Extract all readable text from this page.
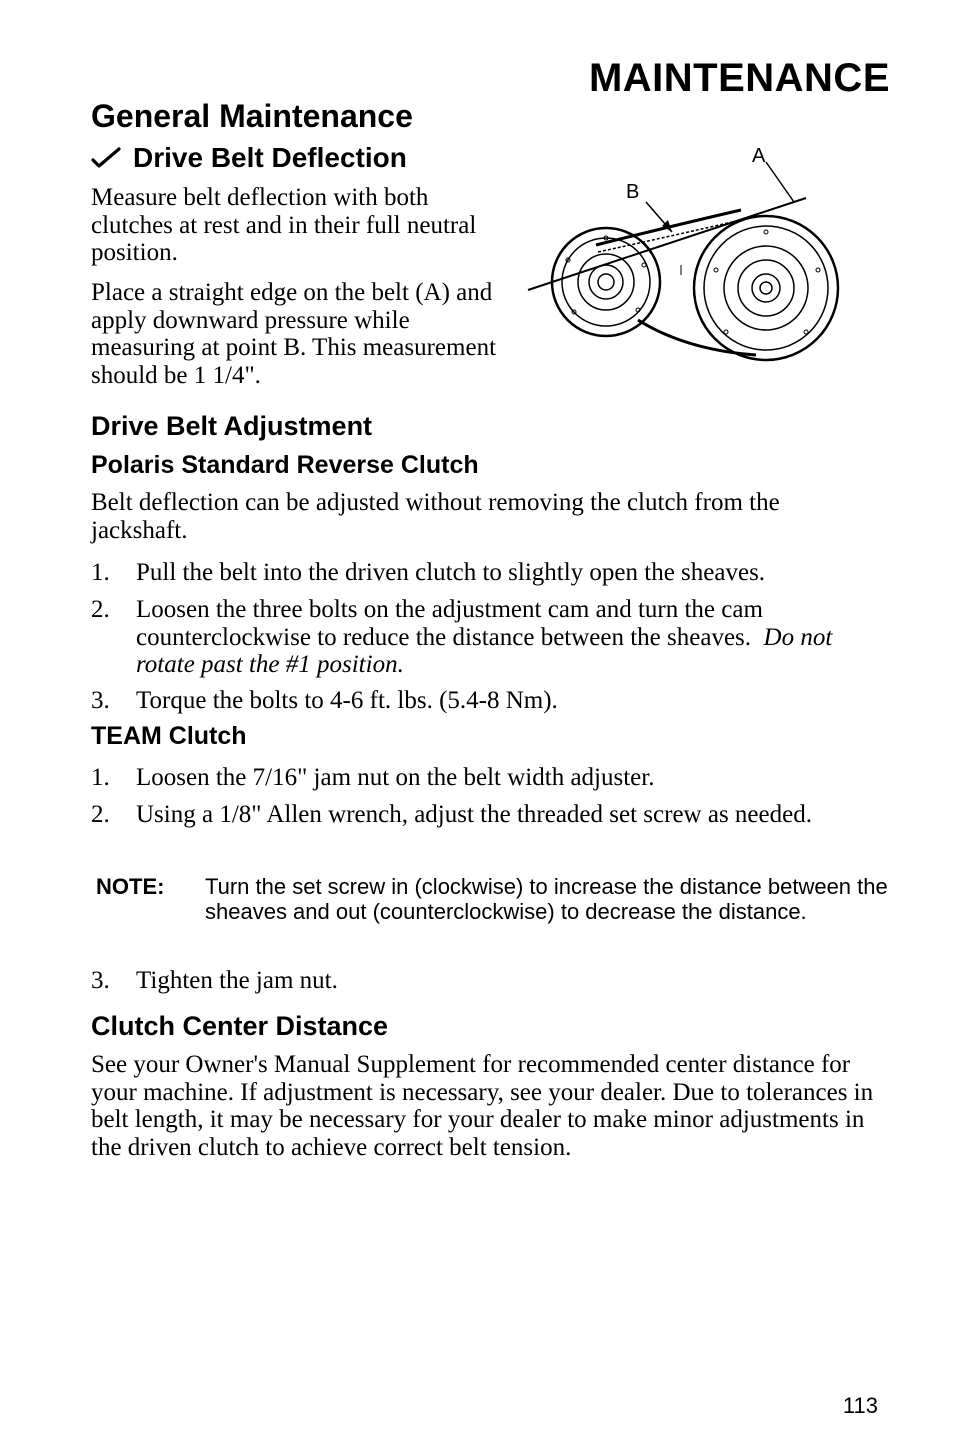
MAINTENANCE
General Maintenance
Drive Belt Deflection
Measure belt deflection with both clutches at rest and in their full neutral position.
Place a straight edge on the belt (A) and apply downward pressure while measuring at point B. This measurement should be 1 1/4".
A
B
Drive Belt Adjustment
Polaris Standard Reverse Clutch
Belt deflection can be adjusted without removing the clutch from the jackshaft.
1.	Pull the belt into the driven clutch to slightly open the sheaves.
2.	Loosen the three bolts on the adjustment cam and turn the cam counterclockwise to reduce the distance between the sheaves. Do not rotate past the #1 position.
3.	Torque the bolts to 4-6 ft. lbs. (5.4-8 Nm).
TEAM Clutch
1.	Loosen the 7/16" jam nut on the belt width adjuster.
2.	Using a 1/8" Allen wrench, adjust the threaded set screw as needed.
NOTE:	Turn the set screw in (clockwise) to increase the distance between the sheaves and out (counterclockwise) to decrease the distance.
3.	Tighten the jam nut.
Clutch Center Distance
See your Owner's Manual Supplement for recommended center distance for your machine. If adjustment is necessary, see your dealer. Due to tolerances in belt length, it may be necessary for your dealer to make minor adjustments in the driven clutch to achieve correct belt tension.
113
